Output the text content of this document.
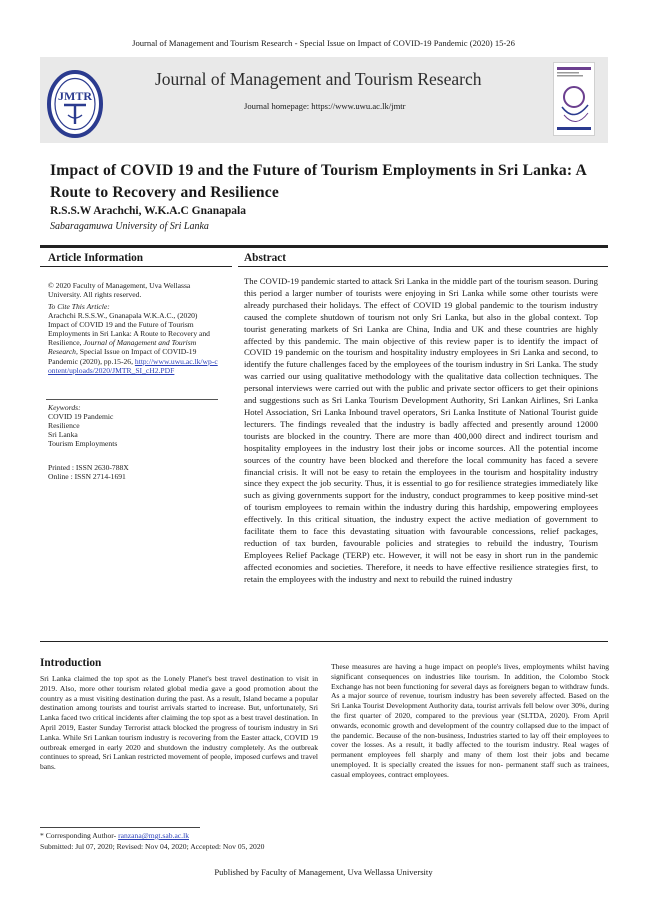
Journal of Management and Tourism Research - Special Issue on Impact of COVID-19 Pandemic (2020) 15-26
JMTR
Journal of Management and Tourism Research
Journal homepage: https://www.uwu.ac.lk/jmtr
Impact of COVID 19 and the Future of Tourism Employments in Sri Lanka: A Route to Recovery and Resilience
R.S.S.W Arachchi, W.K.A.C Gnanapala
Sabaragamuwa University of Sri Lanka
Article Information	Abstract
© 2020 Faculty of Management, Uva Wellassa University. All rights reserved.
To Cite This Article:
Arachchi R.S.S.W., Gnanapala W.K.A.C., (2020) Impact of COVID 19 and the Future of Tourism Employments in Sri Lanka: A Route to Recovery and Resilience, Journal of Management and Tourism Research, Special Issue on Impact of COVID-19 Pandemic (2020), pp.15-26, http://www.uwu.ac.lk/wp-content/uploads/2020/JMTR_SI_cH2.PDF
Keywords:
COVID 19 Pandemic
Resilience
Sri Lanka
Tourism Employments
Printed : ISSN 2630-788X
Online : ISSN 2714-1691

The COVID-19 pandemic started to attack Sri Lanka in the middle part of the tourism season. During this period a larger number of tourists were enjoying in Sri Lanka while some other tourists were already purchased their holidays. The effect of COVID 19 global pandemic to the tourism industry caused the complete shutdown of tourism not only Sri Lanka, but also in the global context. Top tourist generating markets of Sri Lanka are China, India and UK and these countries are highly affected by this pandemic. The main objective of this review paper is to identify the impact of COVID 19 pandemic on the tourism and hospitality industry employees in Sri Lanka and second, to identify the future challenges faced by the employees of the tourism industry in Sri Lanka. The study was carried our using qualitative methodology with the qualitative data collection techniques. The personal interviews were carried out with the public and private sector officers to get their opinions and suggestions such as Sri Lanka Tourism Development Authority, Sri Lankan Airlines, Sri Lanka Hotel Association, Sri Lanka Inbound travel operators, Sri Lanka Institute of National Tourist guide lecturers. The findings revealed that the industry is badly affected and presently around 12000 tourists are blocked in the country. There are more than 400,000 direct and indirect tourism and hospitality employees in the industry lost their jobs or income sources. All the potential income sources of the country have been blocked and therefore the local community has faced a severe financial crisis. It will not be easy to retain the employees in the tourism and hospitality industry since they expect the job security. Thus, it is essential to go for resilience strategies immediately like such as giving governments support for the industry, conduct programmes to keep positive mind-set of tourism employees to remain within the industry during this hardship, empowering employees effectively. In this critical situation, the industry expect the active mediation of government to facilitate them to face this devastating situation with favourable concessions, relief packages, reduction of tax burden, favourable policies and strategies to rebuild the industry, Tourism Employees Relief Package (TERP) etc. However, it will not be easy in short run in the pandemic affected economies and societies. Therefore, it needs to have effective resilience strategies first, to retain the employees with the industry and next to rebuild the ruined industry

Introduction

Sri Lanka claimed the top spot as the Lonely Planet's best travel destination to visit in 2019. Also, more other tourism related global media gave a good promotion about the country as a must visiting destination during the past. As a result, Island became a popular destination among tourists and tourist arrivals started to increase. But, unfortunately, Sri Lanka faced two critical incidents after claiming the top spot as a best travel destination. In April 2019, Easter Sunday Terrorist attack blocked the progress of tourism industry in Sri Lanka. While Sri Lankan tourism industry is recovering from the Easter attack, COVID 19 outbreak emerged in early 2020 and shutdown the industry completely. As the outbreak continues to spread, Sri Lankan restricted movement of people, imposed curfews and travel bans.

These measures are having a huge impact on people's lives, employments whilst having significant consequences on industries like tourism. In addition, the Colombo Stock Exchange has not been functioning for several days as foreigners began to withdraw funds. As a major source of revenue, tourism industry has been severely affected. Based on the Sri Lanka Tourist Development Authority data, tourist arrivals fell below over 30%, during the first quarter of 2020, compared to the previous year (SLTDA, 2020). From April onwards, economic growth and development of the country collapsed due to the impact of the pandemic. Because of the non-business, Industries started to lay off their employees to cover the losses. As a result, it badly affected to the tourism industry. Real wages of permanent employees fell sharply and many of them lost their jobs and became unemployed. It is specially created the issues for non- permanent staff such as trainees, casual employees, contract employees.

* Corresponding Author- ranzana@mgt.sab.ac.lk
Submitted: Jul 07, 2020; Revised: Nov 04, 2020; Accepted: Nov 05, 2020
Published by Faculty of Management, Uva Wellassa University
